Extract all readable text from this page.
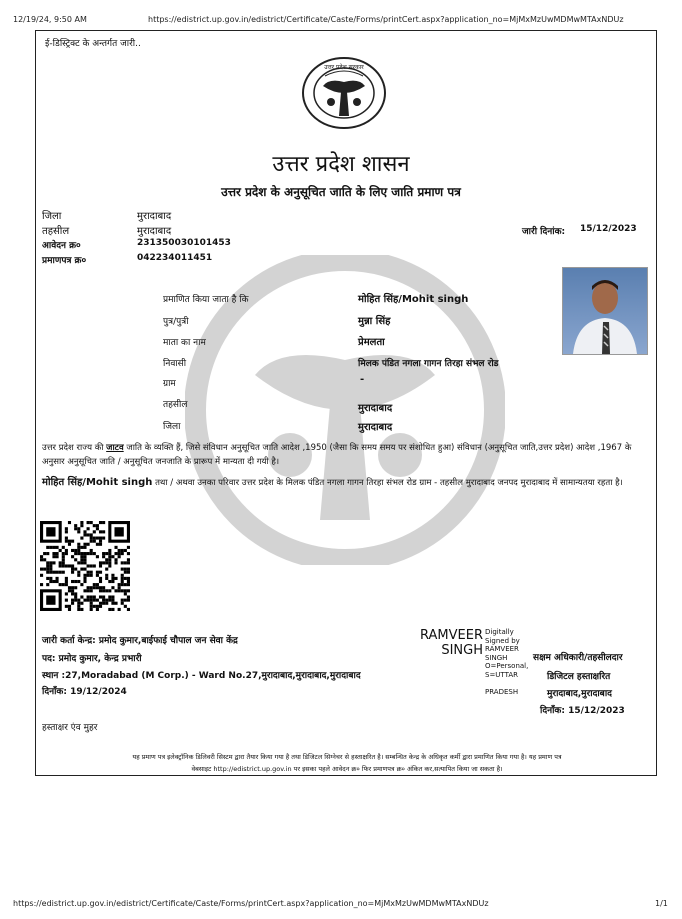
12/19/24, 9:50 AM	https://edistrict.up.gov.in/edistrict/Certificate/Caste/Forms/printCert.aspx?application_no=MjMxMzUwMDMwMTAxNDUz
ई-डिस्ट्रिक्ट के अन्तर्गत जारी..
उत्तर प्रदेश सरकार
उत्तर प्रदेश शासन
उत्तर प्रदेश के अनुसूचित जाति के लिए जाति प्रमाण पत्र
जिला	मुरादाबाद
तहसील	मुरादाबाद
आवेदन क्र०	231350030101453
प्रमाणपत्र क्र०	042234011451
जारी दिनांक: 15/12/2023
प्रमाणित किया जाता है कि	मोहित सिंह/Mohit singh
पुत्र/पुत्री	मुन्ना सिंह
माता का नाम	प्रेमलता
निवासी	मिलक पंडित नगला गागन तिरहा संभल रोड
ग्राम	-
तहसील	मुरादाबाद
जिला	मुरादाबाद
उत्तर प्रदेश राज्य की जाटव जाति के व्यक्ति हैं, जिसे संविधान अनुसूचित जाति आदेश ,1950 (जैसा कि समय समय पर संशोधित हुआ) संविधान (अनुसूचित जाति,उत्तर प्रदेश) आदेश ,1967 के अनुसार अनुसूचित जाति / अनुसूचित जनजाति के प्रारूप में मान्यता दी गयी है।
मोहित सिंह/Mohit singh तथा / अथवा उनका परिवार उत्तर प्रदेश के मिलक पंडित नगला गागन तिरहा संभल रोड ग्राम - तहसील मुरादाबाद जनपद मुरादाबाद में सामान्यतया रहता है।
जारी कर्ता केन्द्र: प्रमोद कुमार,बाईफाई चौपाल जन सेवा केंद्र
पद: प्रमोद कुमार, केन्द्र प्रभारी
स्थान :27,Moradabad (M Corp.) - Ward No.27,मुरादाबाद,मुरादाबाद,मुरादाबाद
दिनाँक: 19/12/2024
हस्ताक्षर एंव मुहर
RAMVEER
SINGH
Digitally
Signed by
RAMVEER
SINGH
O=Personal,
S=UTTAR
PRADESH
सक्षम अधिकारी/तहसीलदार
डिजिटल हस्ताक्षरित
मुरादाबाद,मुरादाबाद
दिनाँक: 15/12/2023
यह प्रमाण पत्र इलेक्ट्रॉनिक डिलिवरी सिस्टम द्वारा तैयार किया गया है तथा डिजिटल सिग्नेचर से हस्ताक्षरित है। सम्बन्धित केन्द्र के अधिकृत कर्मी द्वारा प्रमाणित किया गया है। यह प्रमाण पत्र
वेबसाइट http://edistrict.up.gov.in पर इसका पहले आवेदन क्र० फिर प्रमाणपत्र क्र० अंकित कर,सत्यापित किया जा सकता है।
https://edistrict.up.gov.in/edistrict/Certificate/Caste/Forms/printCert.aspx?application_no=MjMxMzUwMDMwMTAxNDUz	1/1
